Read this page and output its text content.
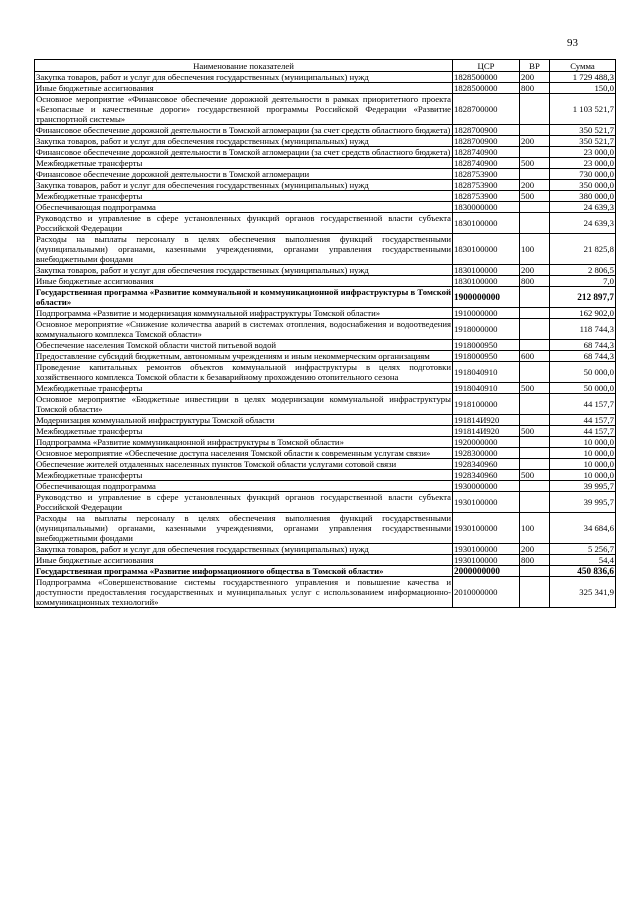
93
Наименование показателей	ЦСР	ВР	Сумма
Закупка товаров, работ и услуг для обеспечения государственных (муниципальных) нужд	1828500000	200	1 729 488,3
Иные бюджетные ассигнования	1828500000	800	150,0
Основное мероприятие «Финансовое обеспечение дорожной деятельности в рамках приоритетного проекта «Безопасные и качественные дороги» государственной программы Российской Федерации «Развитие транспортной системы»	1828700000		1 103 521,7
Финансовое обеспечение дорожной деятельности в Томской агломерации (за счет средств областного бюджета)	1828700900		350 521,7
Закупка товаров, работ и услуг для обеспечения государственных (муниципальных) нужд	1828700900	200	350 521,7
Финансовое обеспечение дорожной деятельности в Томской агломерации (за счет средств областного бюджета)	1828740900		23 000,0
Межбюджетные трансферты	1828740900	500	23 000,0
Финансовое обеспечение дорожной деятельности в Томской агломерации	1828753900		730 000,0
Закупка товаров, работ и услуг для обеспечения государственных (муниципальных) нужд	1828753900	200	350 000,0
Межбюджетные трансферты	1828753900	500	380 000,0
Обеспечивающая подпрограмма	1830000000		24 639,3
Руководство и управление в сфере установленных функций органов государственной власти субъекта Российской Федерации	1830100000		24 639,3
Расходы на выплаты персоналу в целях обеспечения выполнения функций государственными (муниципальными) органами, казенными учреждениями, органами управления государственными внебюджетными фондами	1830100000	100	21 825,8
Закупка товаров, работ и услуг для обеспечения государственных (муниципальных) нужд	1830100000	200	2 806,5
Иные бюджетные ассигнования	1830100000	800	7,0
Государственная программа «Развитие коммунальной и коммуникационной инфраструктуры в Томской области»	1900000000		212 897,7
Подпрограмма «Развитие и модернизация коммунальной инфраструктуры Томской области»	1910000000		162 902,0
Основное мероприятие «Снижение количества аварий в системах отопления, водоснабжения и водоотведения коммунального комплекса Томской области»	1918000000		118 744,3
Обеспечение населения Томской области чистой питьевой водой	1918000950		68 744,3
Предоставление субсидий бюджетным, автономным учреждениям и иным некоммерческим организациям	1918000950	600	68 744,3
Проведение капитальных ремонтов объектов коммунальной инфраструктуры в целях подготовки хозяйственного комплекса Томской области к безаварийному прохождению отопительного сезона	1918040910		50 000,0
Межбюджетные трансферты	1918040910	500	50 000,0
Основное мероприятие «Бюджетные инвестиции в целях модернизации коммунальной инфраструктуры Томской области»	1918100000		44 157,7
Модернизация коммунальной инфраструктуры Томской области	191814И920		44 157,7
Межбюджетные трансферты	191814И920	500	44 157,7
Подпрограмма «Развитие коммуникационной инфраструктуры в Томской области»	1920000000		10 000,0
Основное мероприятие «Обеспечение доступа населения Томской области к современным услугам связи»	1928300000		10 000,0
Обеспечение жителей отдаленных населенных пунктов Томской области услугами сотовой связи	1928340960		10 000,0
Межбюджетные трансферты	1928340960	500	10 000,0
Обеспечивающая подпрограмма	1930000000		39 995,7
Руководство и управление в сфере установленных функций органов государственной власти субъекта Российской Федерации	1930100000		39 995,7
Расходы на выплаты персоналу в целях обеспечения выполнения функций государственными (муниципальными) органами, казенными учреждениями, органами управления государственными внебюджетными фондами	1930100000	100	34 684,6
Закупка товаров, работ и услуг для обеспечения государственных (муниципальных) нужд	1930100000	200	5 256,7
Иные бюджетные ассигнования	1930100000	800	54,4
Государственная программа «Развитие информационного общества в Томской области»	2000000000		450 836,6
Подпрограмма «Совершенствование системы государственного управления и повышение качества и доступности предоставления государственных и муниципальных услуг с использованием информационно-коммуникационных технологий»	2010000000		325 341,9
